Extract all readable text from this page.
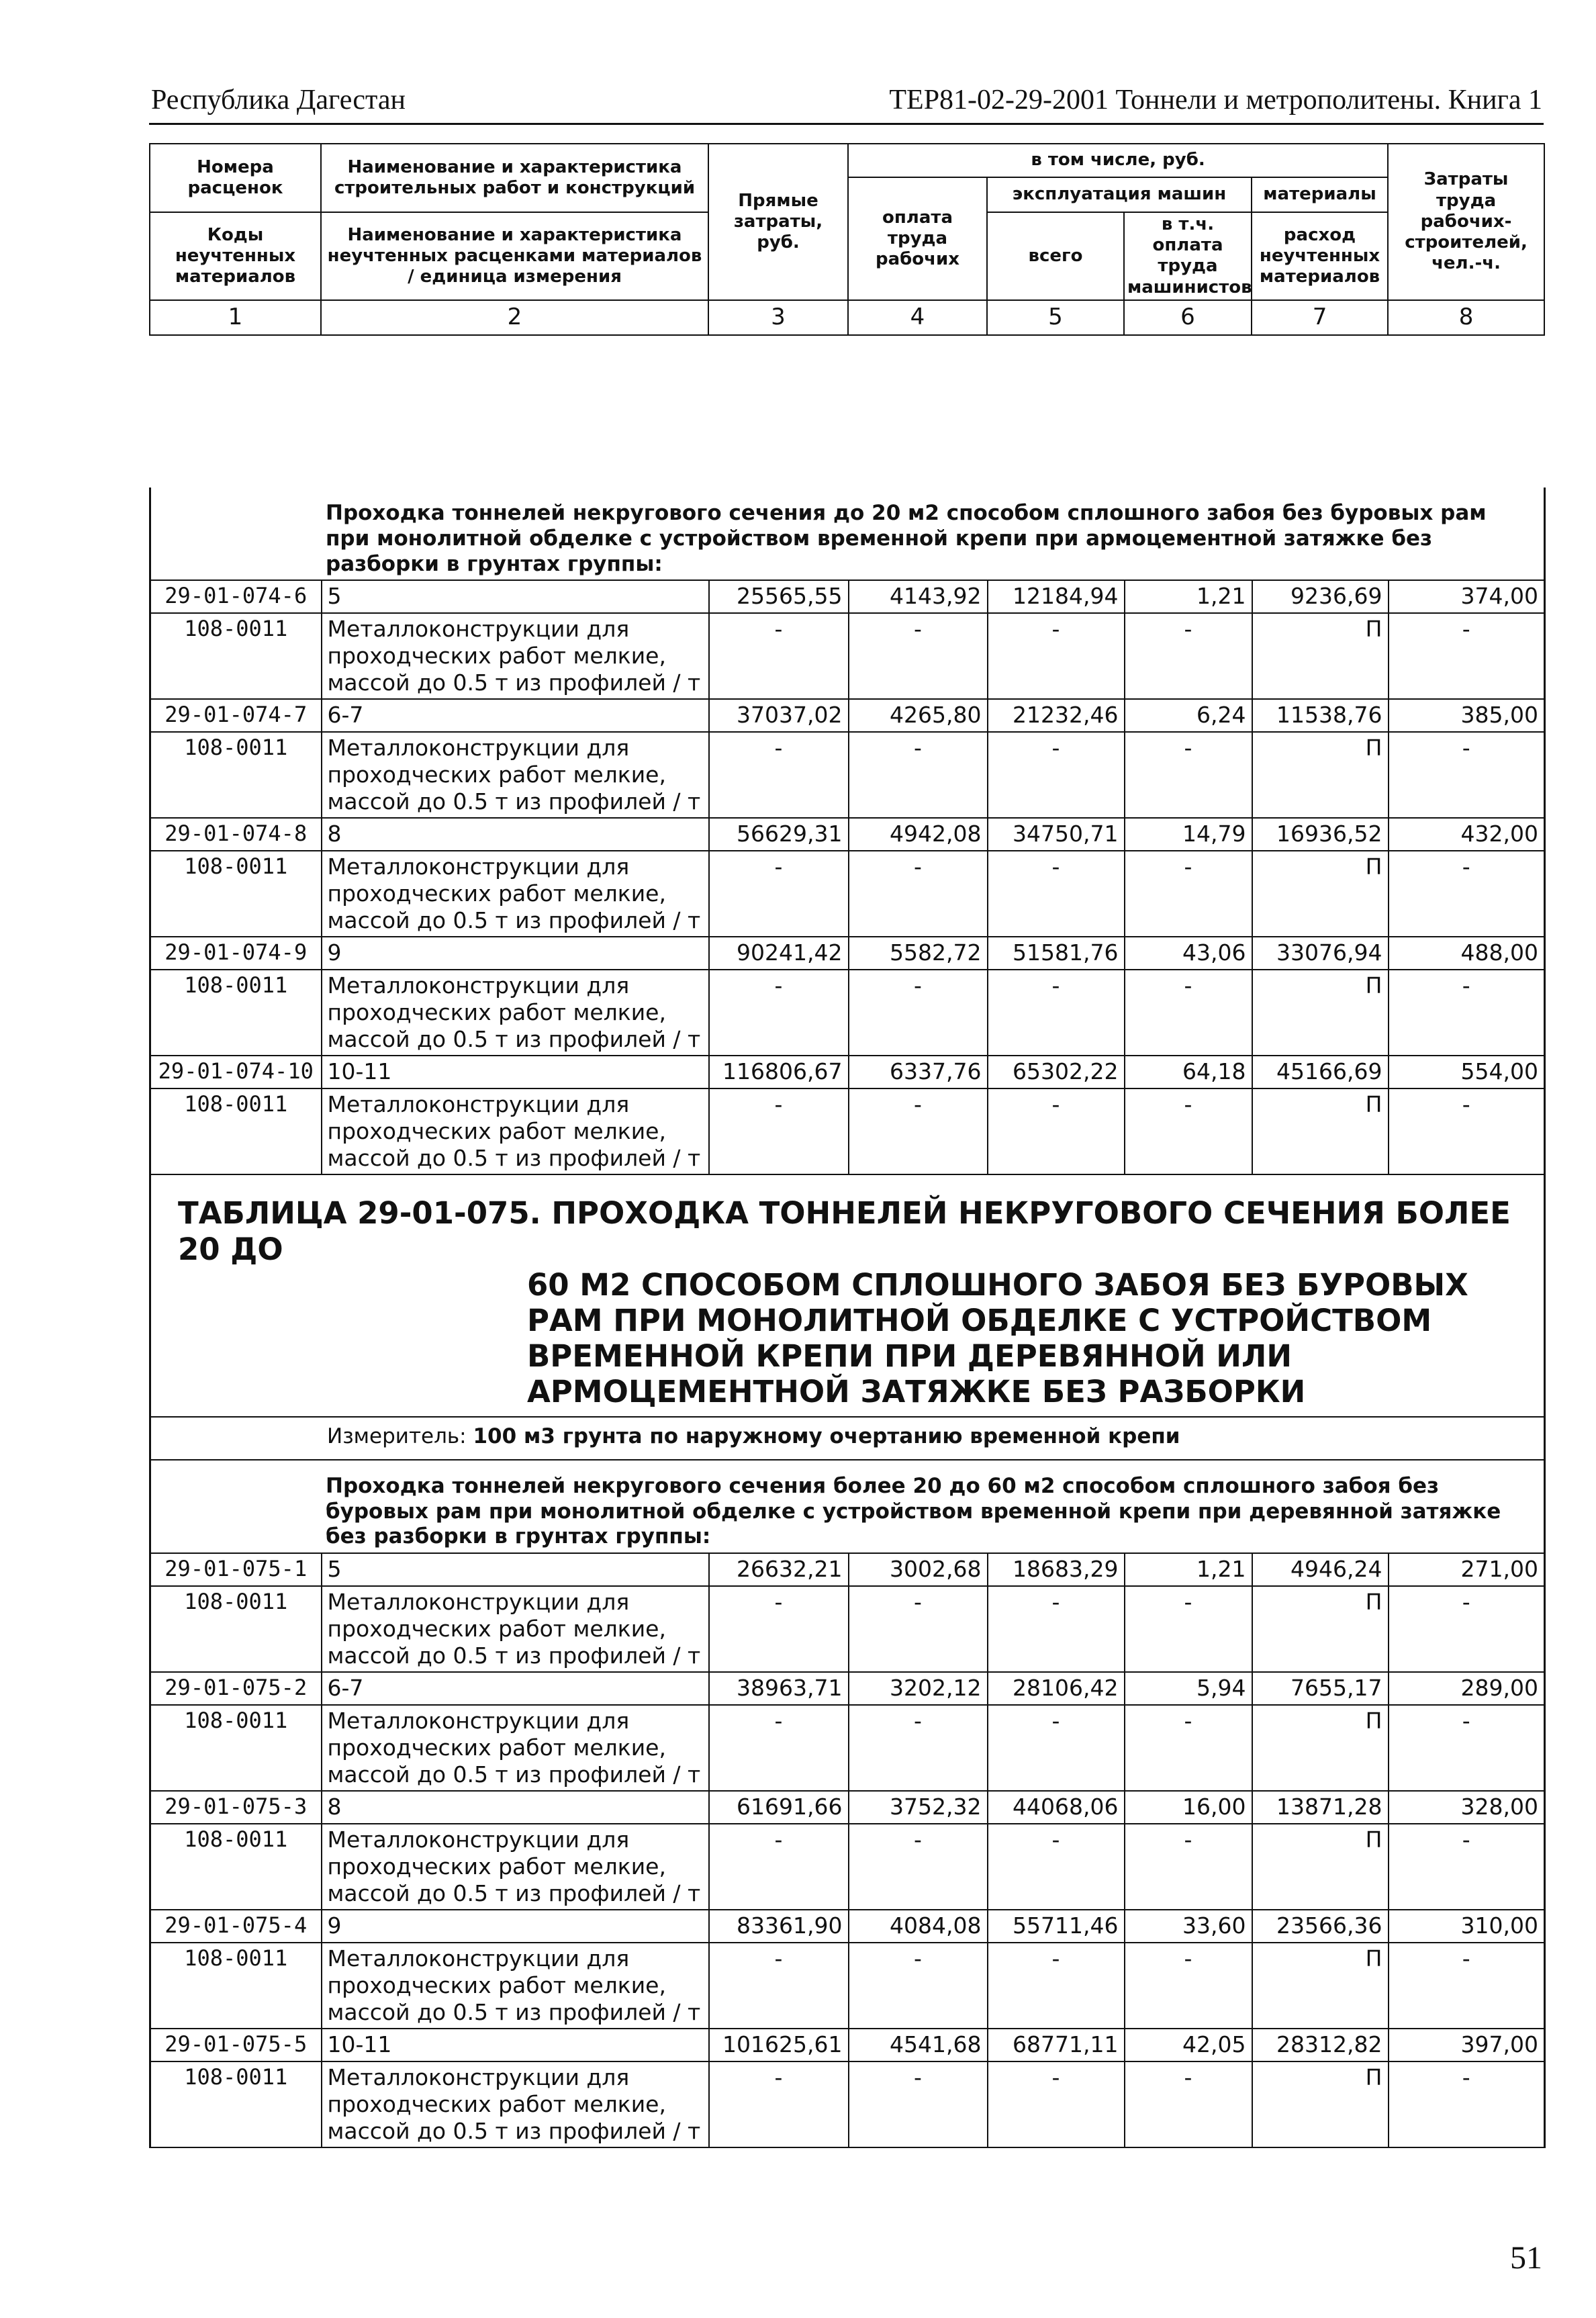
Республика Дагестан	ТЕР81-02-29-2001 Тоннели и метрополитены. Книга 1
Номера расценок	Наименование и характеристика строительных работ и конструкций	Прямые затраты, руб.	в том числе, руб.				Затраты труда рабочих-строителей, чел.-ч.
			оплата труда рабочих	эксплуатация машин		материалы	
Коды неучтенных материалов	Наименование и характеристика неучтенных расценками материалов / единица измерения			всего	в т.ч. оплата труда машинистов	расход неучтенных материалов	

1	2	3	4	5	6	7	8
Проходка тоннелей некругового сечения до 20 м2 способом сплошного забоя без буровых рам при монолитной обделке с устройством временной крепи при армоцементной затяжке без разборки в грунтах группы:							
29-01-074-6	5	25565,55	4143,92	12184,94	1,21	9236,69	374,00
108-0011	Металлоконструкции для проходческих работ мелкие, массой до 0.5 т из профилей / т	-	-	-	-	П	-
29-01-074-7	6-7	37037,02	4265,80	21232,46	6,24	11538,76	385,00
108-0011	Металлоконструкции для проходческих работ мелкие, массой до 0.5 т из профилей / т	-	-	-	-	П	-
29-01-074-8	8	56629,31	4942,08	34750,71	14,79	16936,52	432,00
108-0011	Металлоконструкции для проходческих работ мелкие, массой до 0.5 т из профилей / т	-	-	-	-	П	-
29-01-074-9	9	90241,42	5582,72	51581,76	43,06	33076,94	488,00
108-0011	Металлоконструкции для проходческих работ мелкие, массой до 0.5 т из профилей / т	-	-	-	-	П	-
29-01-074-10	10-11	116806,67	6337,76	65302,22	64,18	45166,69	554,00
108-0011	Металлоконструкции для проходческих работ мелкие, массой до 0.5 т из профилей / т	-	-	-	-	П	-

ТАБЛИЦА 29-01-075. ПРОХОДКА ТОННЕЛЕЙ НЕКРУГОВОГО СЕЧЕНИЯ БОЛЕЕ 20 ДО
60 М2 СПОСОБОМ СПЛОШНОГО ЗАБОЯ БЕЗ БУРОВЫХ РАМ ПРИ МОНОЛИТНОЙ ОБДЕЛКЕ С УСТРОЙСТВОМ ВРЕМЕННОЙ КРЕПИ ПРИ ДЕРЕВЯННОЙ ИЛИ АРМОЦЕМЕНТНОЙ ЗАТЯЖКЕ БЕЗ РАЗБОРКИ							

Измеритель: 100 м3 грунта по наружному очертанию временной крепи							
Проходка тоннелей некругового сечения более 20 до 60 м2 способом сплошного забоя без буровых рам при монолитной обделке с устройством временной крепи при деревянной затяжке без разборки в грунтах группы:							
29-01-075-1	5	26632,21	3002,68	18683,29	1,21	4946,24	271,00
108-0011	Металлоконструкции для проходческих работ мелкие, массой до 0.5 т из профилей / т	-	-	-	-	П	-
29-01-075-2	6-7	38963,71	3202,12	28106,42	5,94	7655,17	289,00
108-0011	Металлоконструкции для проходческих работ мелкие, массой до 0.5 т из профилей / т	-	-	-	-	П	-
29-01-075-3	8	61691,66	3752,32	44068,06	16,00	13871,28	328,00
108-0011	Металлоконструкции для проходческих работ мелкие, массой до 0.5 т из профилей / т	-	-	-	-	П	-
29-01-075-4	9	83361,90	4084,08	55711,46	33,60	23566,36	310,00
108-0011	Металлоконструкции для проходческих работ мелкие, массой до 0.5 т из профилей / т	-	-	-	-	П	-
29-01-075-5	10-11	101625,61	4541,68	68771,11	42,05	28312,82	397,00
108-0011	Металлоконструкции для проходческих работ мелкие, массой до 0.5 т из профилей / т	-	-	-	-	П	-
51
